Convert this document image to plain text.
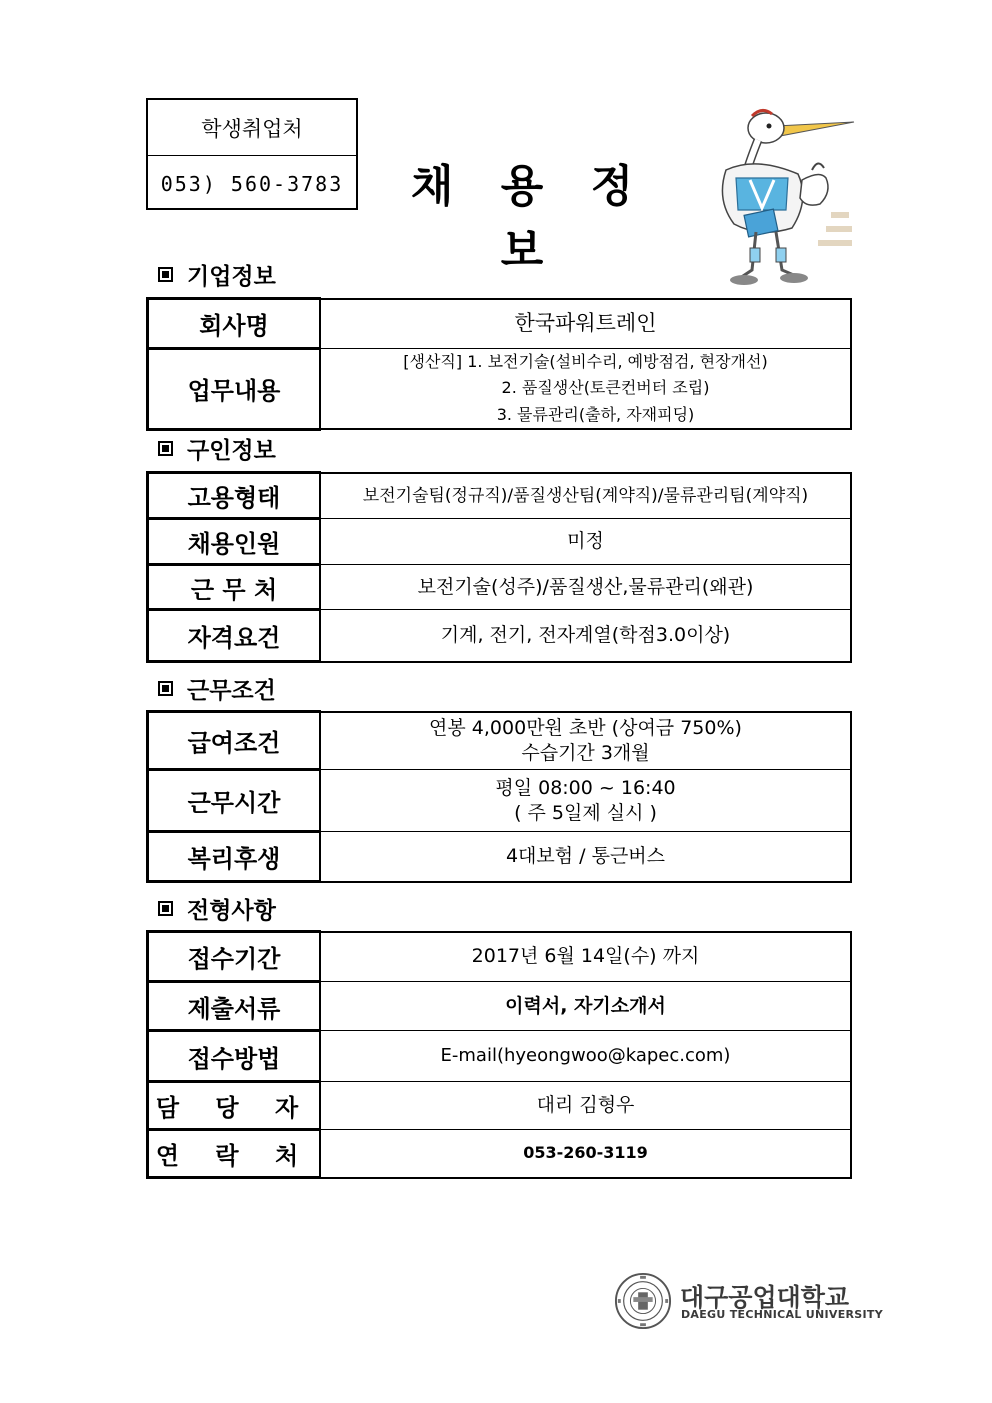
학생취업처
053) 560-3783 채 용 정 보
기업정보
회사명	한국파워트레인
업무내용	[생산직] 1. 보전기술(설비수리, 예방점검, 현장개선)
2. 품질생산(토큰컨버터 조립)
3. 물류관리(출하, 자재피딩)
구인정보
고용형태	보전기술팀(정규직)/품질생산팀(계약직)/물류관리팀(계약직)
채용인원	미정
근 무 처	보전기술(성주)/품질생산,물류관리(왜관)
자격요건	기계, 전기, 전자계열(학점3.0이상)
근무조건
급여조건	연봉 4,000만원 초반 (상여금 750%)
수습기간 3개월

근무시간	평일 08:00 ~ 16:40
( 주 5일제 실시 )

복리후생	4대보험 / 통근버스
전형사항
접수기간	2017년 6월 14일(수) 까지
제출서류	이력서, 자기소개서
접수방법	E-mail(hyeongwoo@kapec.com)
담 당 자	대리 김형우
연 락 처	053-260-3119
대구공업대학교
DAEGU TECHNICAL UNIVERSITY
